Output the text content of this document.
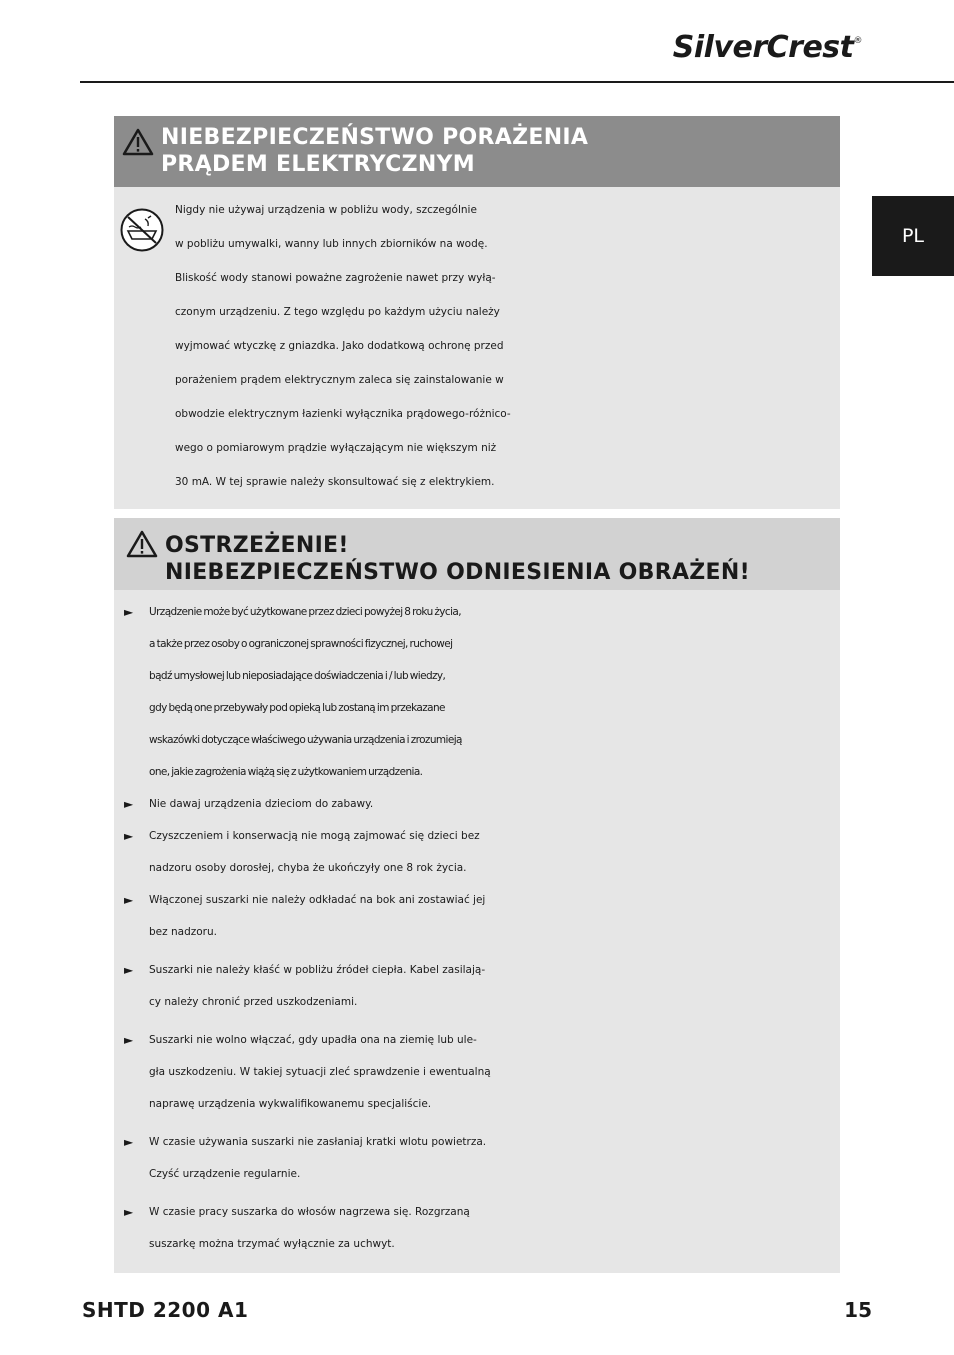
SilverCrest®
PL
NIEBEZPIECZEŃSTWO PORAŻENIA
PRĄDEM ELEKTRYCZNYM
Nigdy nie używaj urządzenia w pobliżu wody, szczególnie
w pobliżu umywalki, wanny lub innych zbiorników na wodę.
Bliskość wody stanowi poważne zagrożenie nawet przy wyłą-
czonym urządzeniu. Z tego względu po każdym użyciu należy
wyjmować wtyczkę z gniazdka. Jako dodatkową ochronę przed
porażeniem prądem elektrycznym zaleca się zainstalowanie w
obwodzie elektrycznym łazienki wyłącznika prądowego-różnico-
wego o pomiarowym prądzie wyłączającym nie większym niż
30 mA. W tej sprawie należy skonsultować się z elektrykiem.
OSTRZEŻENIE!
NIEBEZPIECZEŃSTWO ODNIESIENIA OBRAŻEŃ!
► Urządzenie może być użytkowane przez dzieci powyżej 8 roku życia,
a także przez osoby o ograniczonej sprawności fizycznej, ruchowej
bądź umysłowej lub nieposiadające doświadczenia i / lub wiedzy,
gdy będą one przebywały pod opieką lub zostaną im przekazane
wskazówki dotyczące właściwego używania urządzenia i zrozumieją
one, jakie zagrożenia wiążą się z użytkowaniem urządzenia.
► Nie dawaj urządzenia dzieciom do zabawy.
► Czyszczeniem i konserwacją nie mogą zajmować się dzieci bez
nadzoru osoby dorosłej, chyba że ukończyły one 8 rok życia.
► Włączonej suszarki nie należy odkładać na bok ani zostawiać jej
bez nadzoru.
► Suszarki nie należy kłaść w pobliżu źródeł ciepła. Kabel zasilają-
cy należy chronić przed uszkodzeniami.
► Suszarki nie wolno włączać, gdy upadła ona na ziemię lub ule-
gła uszkodzeniu. W takiej sytuacji zleć sprawdzenie i ewentualną
naprawę urządzenia wykwalifikowanemu specjaliście.
► W czasie używania suszarki nie zasłaniaj kratki wlotu powietrza.
Czyść urządzenie regularnie.
► W czasie pracy suszarka do włosów nagrzewa się. Rozgrzaną
suszarkę można trzymać wyłącznie za uchwyt.
SHTD 2200 A1	15
